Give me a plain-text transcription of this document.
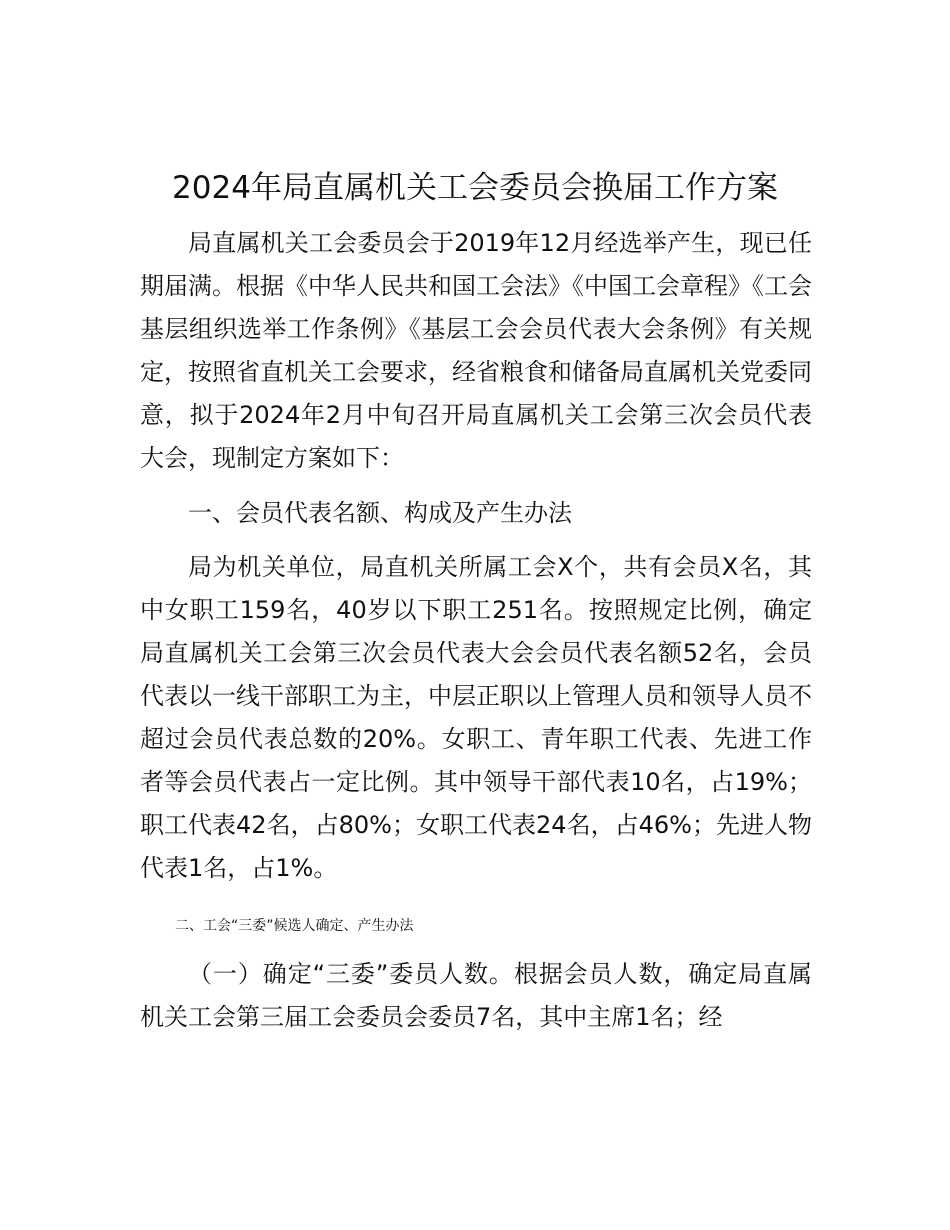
2024年局直属机关工会委员会换届工作方案

局直属机关工会委员会于2019年12月经选举产生，现已任期届满。根据《中华人民共和国工会法》《中国工会章程》《工会基层组织选举工作条例》《基层工会会员代表大会条例》有关规定，按照省直机关工会要求，经省粮食和储备局直属机关党委同意，拟于2024年2月中旬召开局直属机关工会第三次会员代表大会，现制定方案如下：

一、会员代表名额、构成及产生办法

局为机关单位，局直机关所属工会X个，共有会员X名，其中女职工159名，40岁以下职工251名。按照规定比例，确定局直属机关工会第三次会员代表大会会员代表名额52名，会员代表以一线干部职工为主，中层正职以上管理人员和领导人员不超过会员代表总数的20%。女职工、青年职工代表、先进工作者等会员代表占一定比例。其中领导干部代表10名，占19%；职工代表42名，占80%；女职工代表24名，占46%；先进人物代表1名，占1%。

二、工会“三委”候选人确定、产生办法

（一）确定“三委”委员人数。根据会员人数，确定局直属机关工会第三届工会委员会委员7名，其中主席1名；经
